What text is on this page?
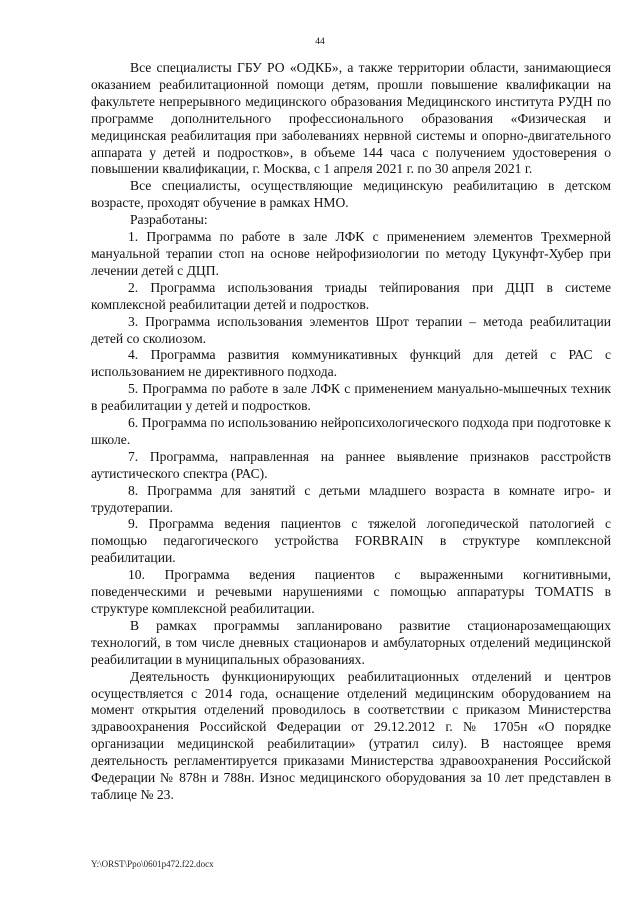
44

Все специалисты ГБУ РО «ОДКБ», а также территории области, занимающиеся оказанием реабилитационной помощи детям, прошли повышение квалификации на факультете непрерывного медицинского образования Медицинского института РУДН по программе дополнительного профессионального образования «Физическая и медицинская реабилитация при заболеваниях нервной системы и опорно-двигательного аппарата у детей и подростков», в объеме 144 часа с получением удостоверения о повышении квалификации, г. Москва, с 1 апреля 2021 г. по 30 апреля 2021 г.

Все специалисты, осуществляющие медицинскую реабилитацию в детском возрасте, проходят обучение в рамках НМО.

Разработаны:

1. Программа по работе в зале ЛФК с применением элементов Трехмерной мануальной терапии стоп на основе нейрофизиологии по методу Цукунфт-Хубер при лечении детей с ДЦП.

2. Программа использования триады тейпирования при ДЦП в системе комплексной реабилитации детей и подростков.

3. Программа использования элементов Шрот терапии – метода реабилитации детей со сколиозом.

4. Программа развития коммуникативных функций для детей с РАС с использованием не директивного подхода.

5. Программа по работе в зале ЛФК с применением мануально-мышечных техник в реабилитации у детей и подростков.

6. Программа по использованию нейропсихологического подхода при подготовке к школе.

7. Программа, направленная на раннее выявление признаков расстройств аутистического спектра (РАС).

8. Программа для занятий с детьми младшего возраста в комнате игро- и трудотерапии.

9. Программа ведения пациентов с тяжелой логопедической патологией с помощью педагогического устройства FORBRAIN в структуре комплексной реабилитации.

10. Программа ведения пациентов с выраженными когнитивными, поведенческими и речевыми нарушениями с помощью аппаратуры TOMATIS в структуре комплексной реабилитации.

В рамках программы запланировано развитие стационарозамещающих технологий, в том числе дневных стационаров и амбулаторных отделений медицинской реабилитации в муниципальных образованиях.

Деятельность функционирующих реабилитационных отделений и центров осуществляется с 2014 года, оснащение отделений медицинским оборудованием на момент открытия отделений проводилось в соответствии с приказом Министерства здравоохранения Российской Федерации от 29.12.2012 г. № 1705н «О порядке организации медицинской реабилитации» (утратил силу). В настоящее время деятельность регламентируется приказами Министерства здравоохранения Российской Федерации № 878н и 788н. Износ медицинского оборудования за 10 лет представлен в таблице № 23.

Y:\ORST\Ppo\0601p472.f22.docx
